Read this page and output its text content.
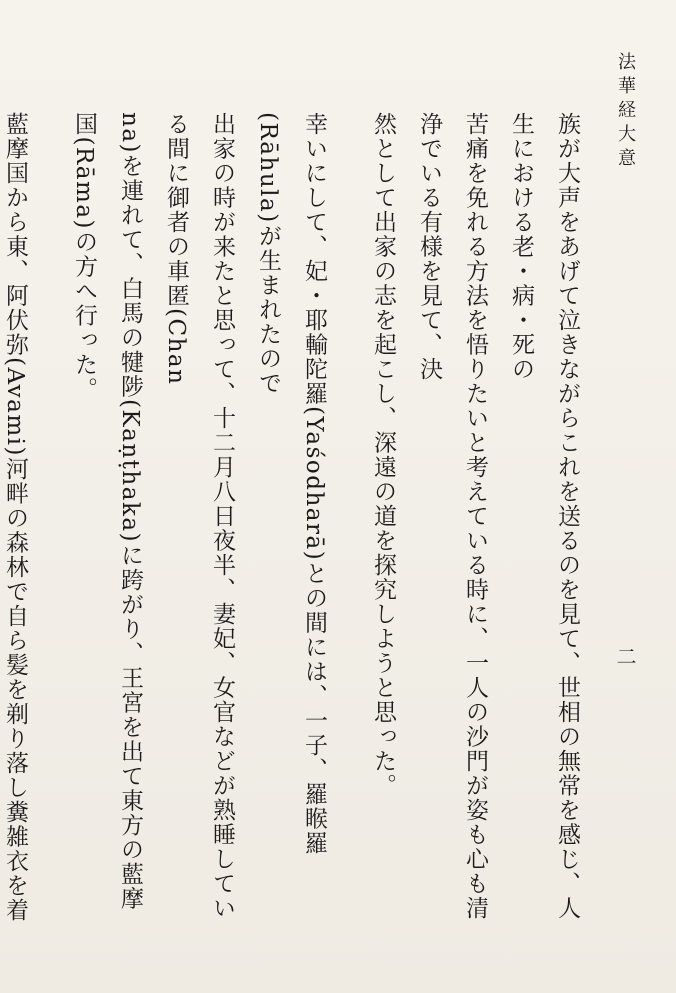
法華経大意
二
族が大声をあげて泣きながらこれを送るのを見て、世相の無常を感じ、人生における老・病・死の
苦痛を免れる方法を悟りたいと考えている時に、一人の沙門が姿も心も清浄でいる有様を見て、決
然として出家の志を起こし、深遠の道を探究しようと思った。
幸いにして、妃・耶輸陀羅(Yaśodharā)との間には、一子、羅睺羅(Rāhula)が生まれたので
出家の時が来たと思って、十二月八日夜半、妻妃、女官などが熟睡している間に御者の車匿(Chan
na)を連れて、白馬の犍陟(Kaṇṭhaka)に跨がり、王宮を出て東方の藍摩国(Rāma)の方へ行った。
藍摩国から東、阿伏弥(Avami)河畔の森林で自ら髪を剃り落し糞雑衣を着
